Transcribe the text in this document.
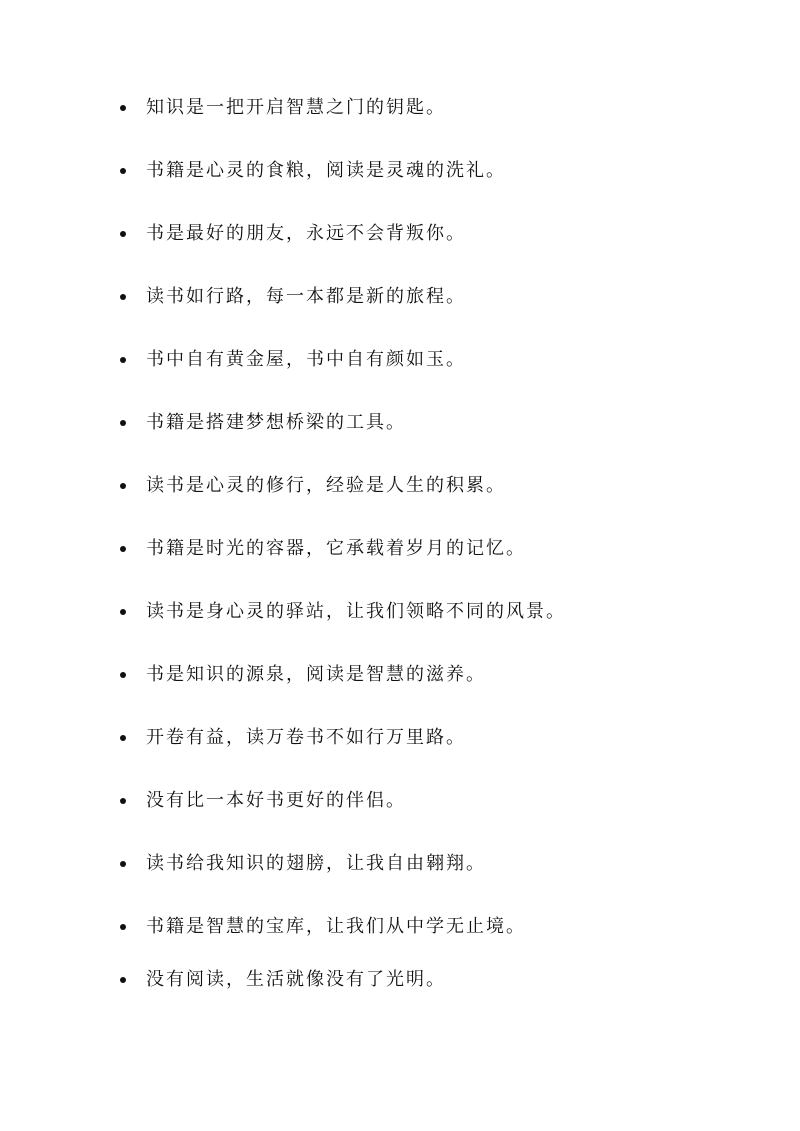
知识是一把开启智慧之门的钥匙。
书籍是心灵的食粮，阅读是灵魂的洗礼。
书是最好的朋友，永远不会背叛你。
读书如行路，每一本都是新的旅程。
书中自有黄金屋，书中自有颜如玉。
书籍是搭建梦想桥梁的工具。
读书是心灵的修行，经验是人生的积累。
书籍是时光的容器，它承载着岁月的记忆。
读书是身心灵的驿站，让我们领略不同的风景。
书是知识的源泉，阅读是智慧的滋养。
开卷有益，读万卷书不如行万里路。
没有比一本好书更好的伴侣。
读书给我知识的翅膀，让我自由翱翔。
书籍是智慧的宝库，让我们从中学无止境。
没有阅读，生活就像没有了光明。
